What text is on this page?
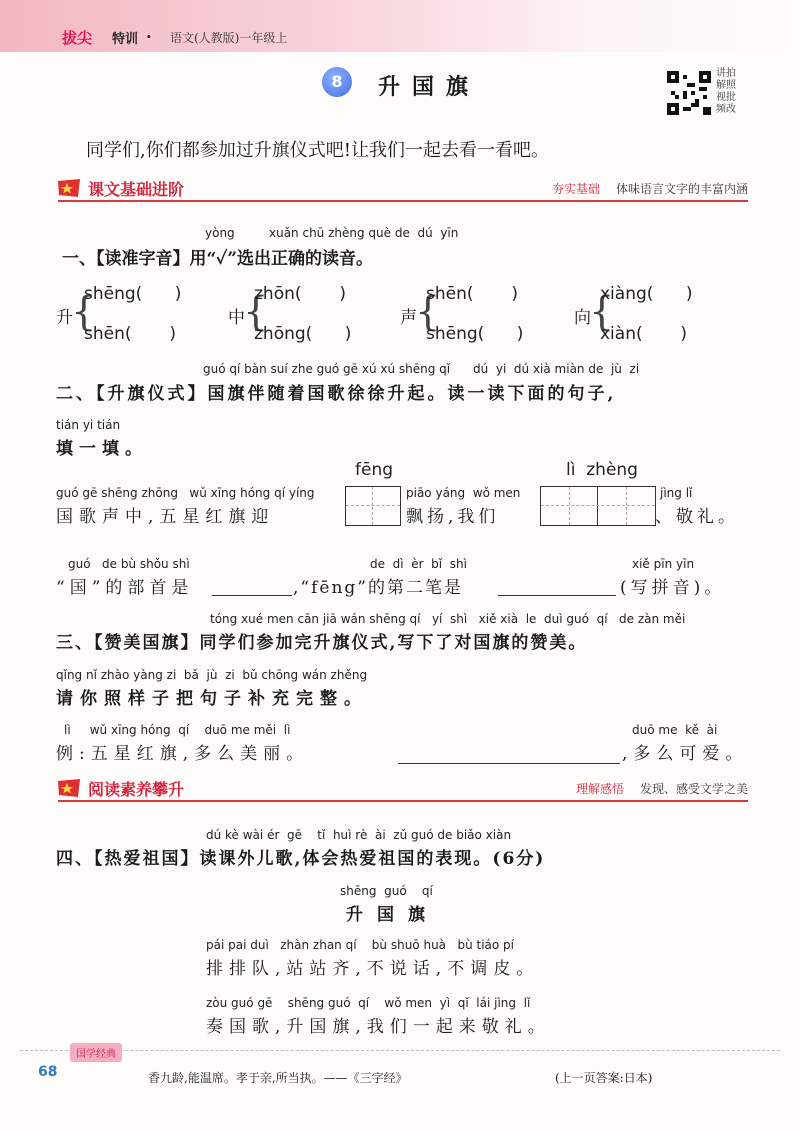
拔尖 特训 · 语文(人教版)一年级上
8	升国旗
讲拍解照视批频改
同学们,你们都参加过升旗仪式吧!让我们一起去看一看吧。
课文基础进阶	夯实基础 体味语言文字的丰富内涵
yòng         xuǎn chū zhèng què de  dú  yīn
一、【读准字音】用“✓”选出正确的读音。
升
{
shēng(      )
shēn(       )
中
{
zhōn(       )
zhōng(      )
声
{
shēn(       )
shēng(      )
向
{
xiàng(      )
xiàn(       )
guó qí bàn suí zhe guó gē xú xú shēng qǐ      dú  yi  dú xià miàn de  jù  zi
二、【升旗仪式】国旗伴随着国歌徐徐升起。读一读下面的句子,
tián yi tián
填一填。
fēng	lì  zhèng
guó gē shēng zhōng   wǔ xīng hóng qí yíng
国歌声中,五星红旗迎
piāo yáng  wǒ men
飘扬,我们
jìng lǐ
、敬礼。
guó   de bù shǒu shì
“国”的部首是
de  dì  èr  bǐ  shì
,“fēng”的第二笔是
xiě pīn yīn
(写拼音)。
tóng xué men cān jiā wán shēng qí   yí  shì   xiě xià  le  duì guó  qí   de zàn měi
三、【赞美国旗】同学们参加完升旗仪式,写下了对国旗的赞美。
qǐng nǐ zhào yàng zi  bǎ  jù  zi  bǔ chōng wán zhěng
请你照样子把句子补充完整。
lì     wǔ xīng hóng  qí    duō me měi  lì
例:五星红旗,多么美丽。
duō me  kě  ài
,多么可爱。
阅读素养攀升	理解感悟 发现、感受文学之美
dú kè wài ér  gē    tǐ  huì rè  ài  zǔ guó de biǎo xiàn
四、【热爱祖国】读课外儿歌,体会热爱祖国的表现。(6分)
shēng  guó    qí
升国旗
pái pai duì   zhàn zhan qí    bù shuō huà   bù tiáo pí
排排队,站站齐,不说话,不调皮。
zòu guó gē    shēng guó  qí    wǒ men  yì  qǐ  lái jìng  lǐ
奏国歌,升国旗,我们一起来敬礼。
国学经典
68	香九龄,能温席。孝于亲,所当执。——《三字经》	(上一页答案:日本)
